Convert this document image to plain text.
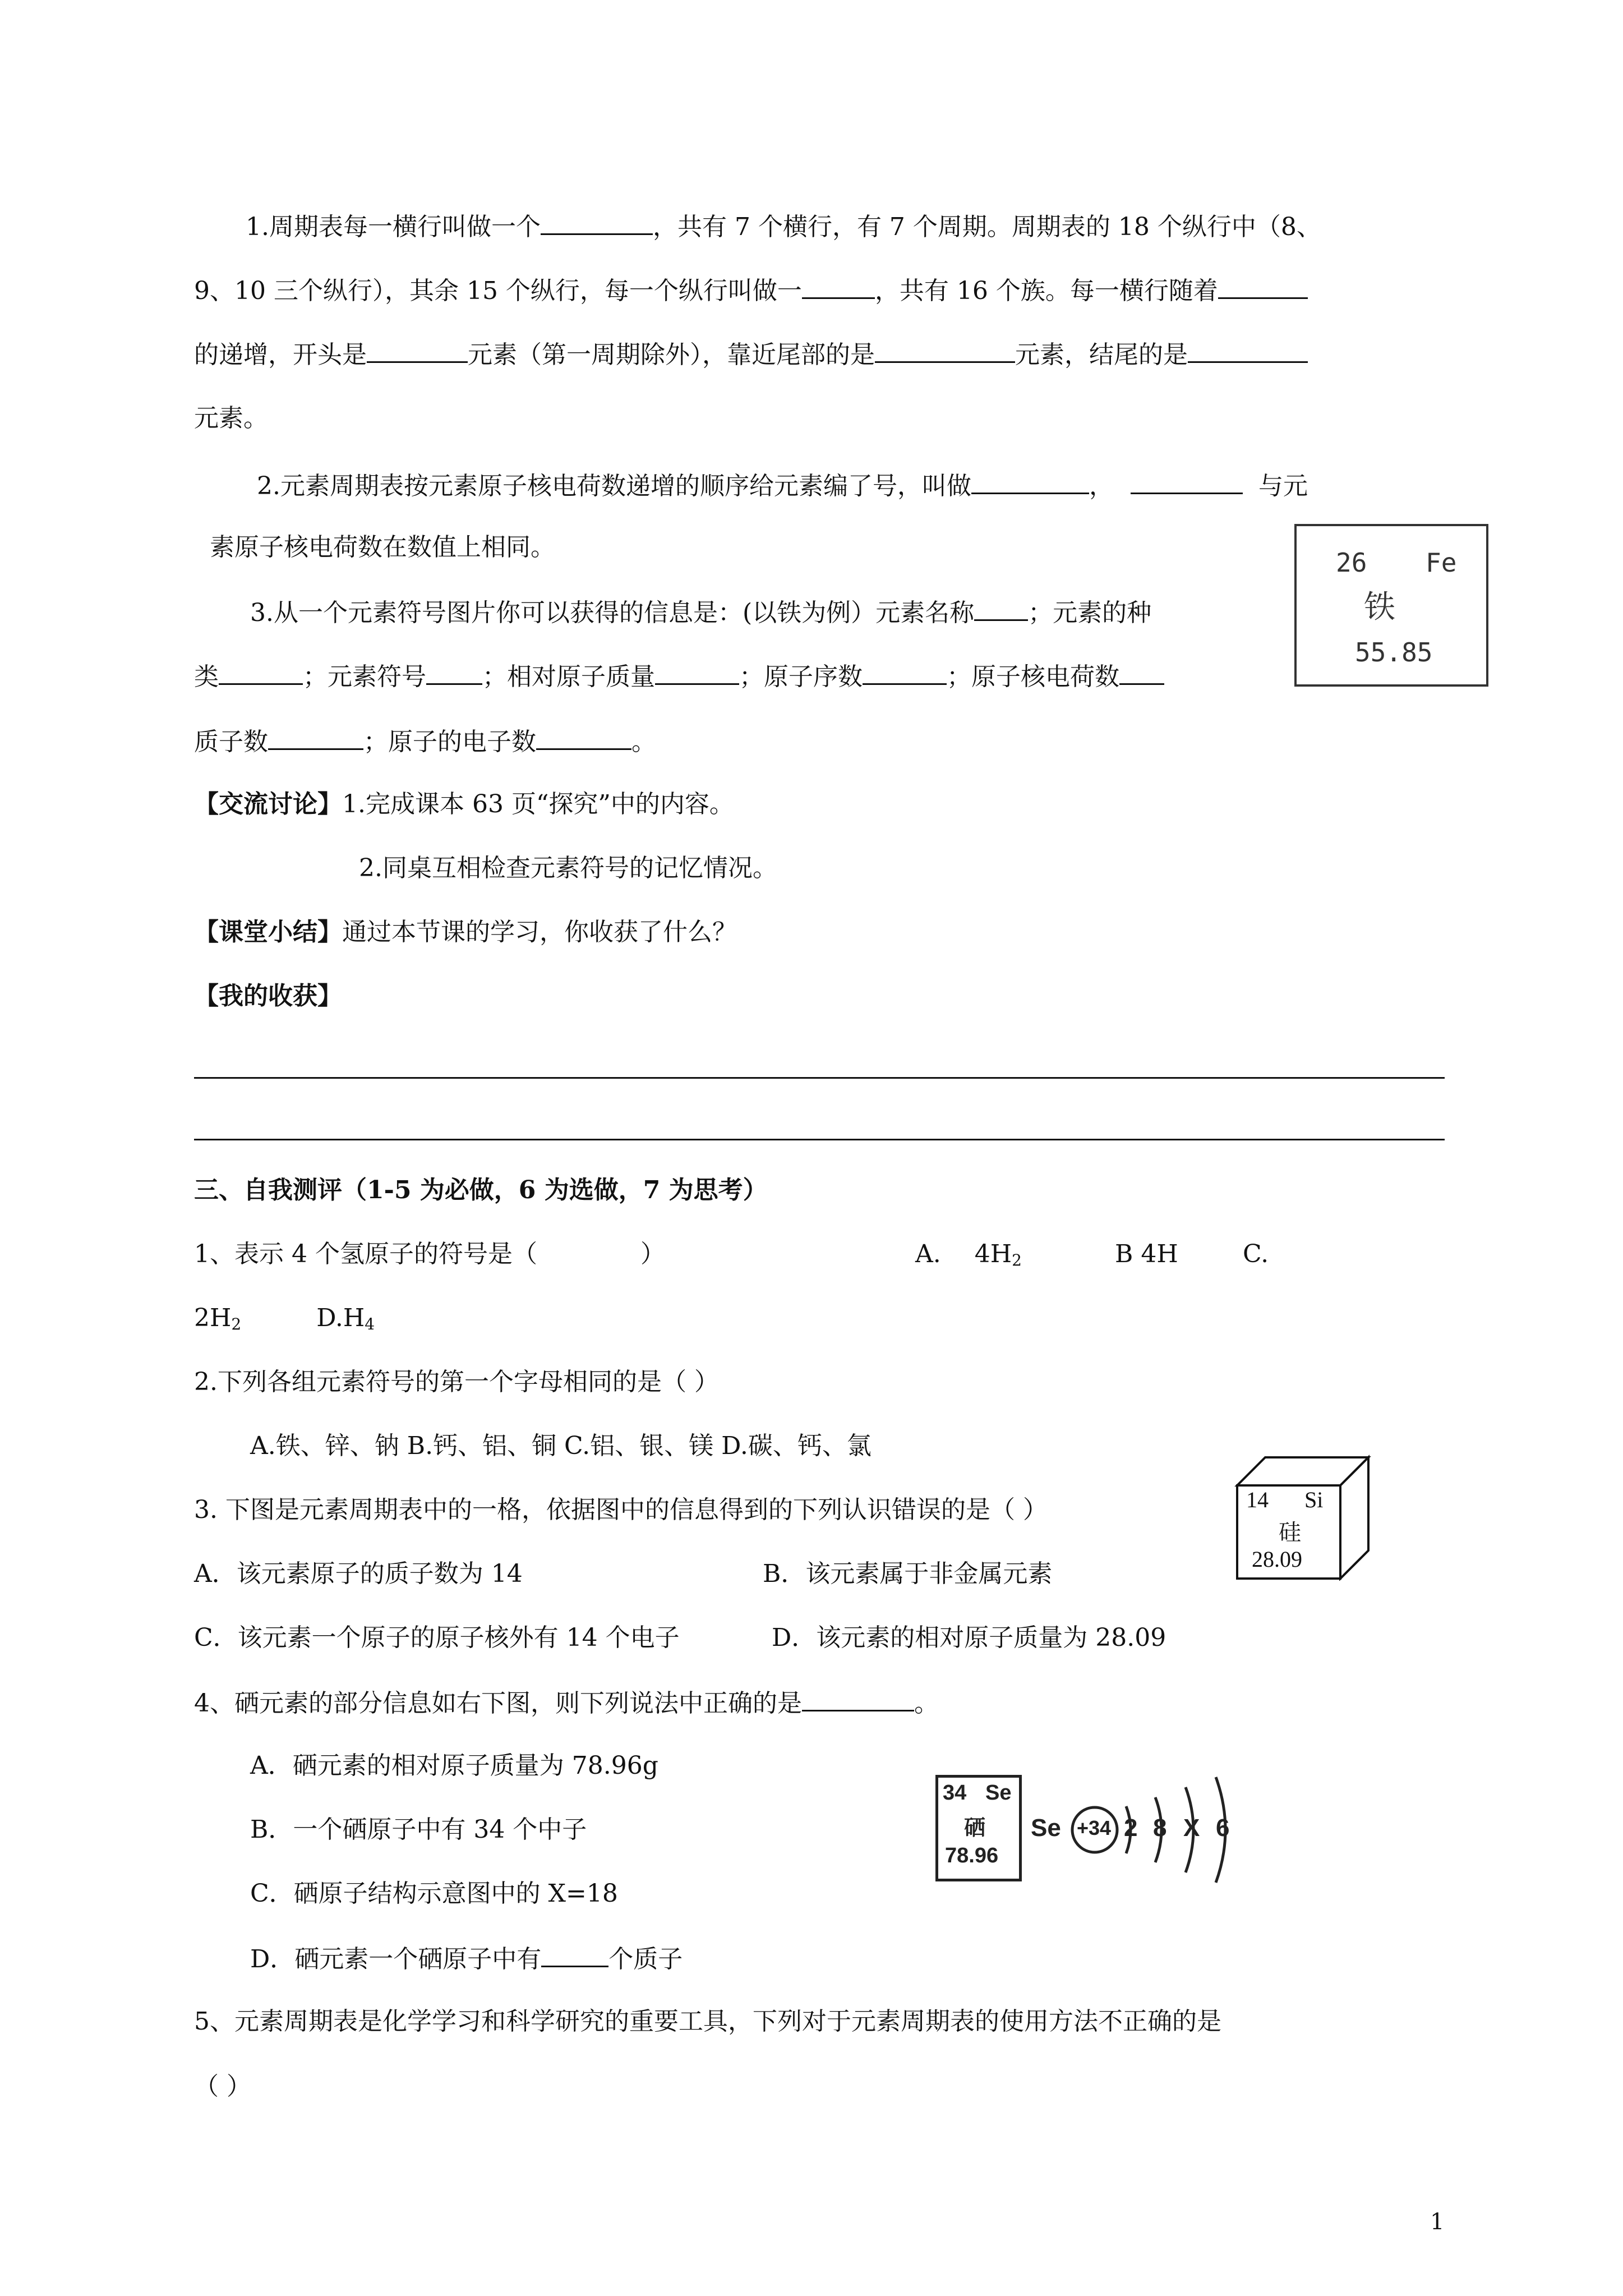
1.周期表每一横行叫做一个	，共有 7 个横行，有 7 个周期。周期表的 18 个纵行中（8、
9、10 三个纵行），其余 15 个纵行，每一个纵行叫做一	，共有 16 个族。每一横行随着
的递增，开头是	元素（第一周期除外），靠近尾部的是	元素，结尾的是
元素。
2.元素周期表按元素原子核电荷数递增的顺序给元素编了号，叫做	，	与元
素原子核电荷数在数值上相同。
3.从一个元素符号图片你可以获得的信息是：(以铁为例）元素名称 ；元素的种
类	；元素符号 ；相对原子质量	；原子序数	；原子核电荷数
质子数	；原子的电子数	。
26 Fe
铁
55.85
【交流讨论】1.完成课本 63 页“探究”中的内容。
2.同桌互相检查元素符号的记忆情况。
【课堂小结】通过本节课的学习，你收获了什么？
【我的收获】
三、自我测评（1-5 为必做，6 为选做，7 为思考）
1、表示 4 个氢原子的符号是（	）	A. $4H_2$	B 4H	C.
$2H_2$	$D.H_4$
2.下列各组元素符号的第一个字母相同的是（ ）
A.铁、锌、钠 B.钙、铝、铜 C.铝、银、镁 D.碳、钙、氯
3. 下图是元素周期表中的一格，依据图中的信息得到的下列认识错误的是（ ）
A．该元素原子的质子数为 14	B．该元素属于非金属元素
C．该元素一个原子的原子核外有 14 个电子	D．该元素的相对原子质量为 28.09
14 Si
硅
28.09
4、硒元素的部分信息如右下图，则下列说法中正确的是	。
A．硒元素的相对原子质量为 78.96g
B．一个硒原子中有 34 个中子
C．硒原子结构示意图中的 X=18
D．硒元素一个硒原子中有	个质子
34 Se
硒
78.96
Se +34 2 8 X 6
5、元素周期表是化学学习和科学研究的重要工具，下列对于元素周期表的使用方法不正确的是
（ ）
1
